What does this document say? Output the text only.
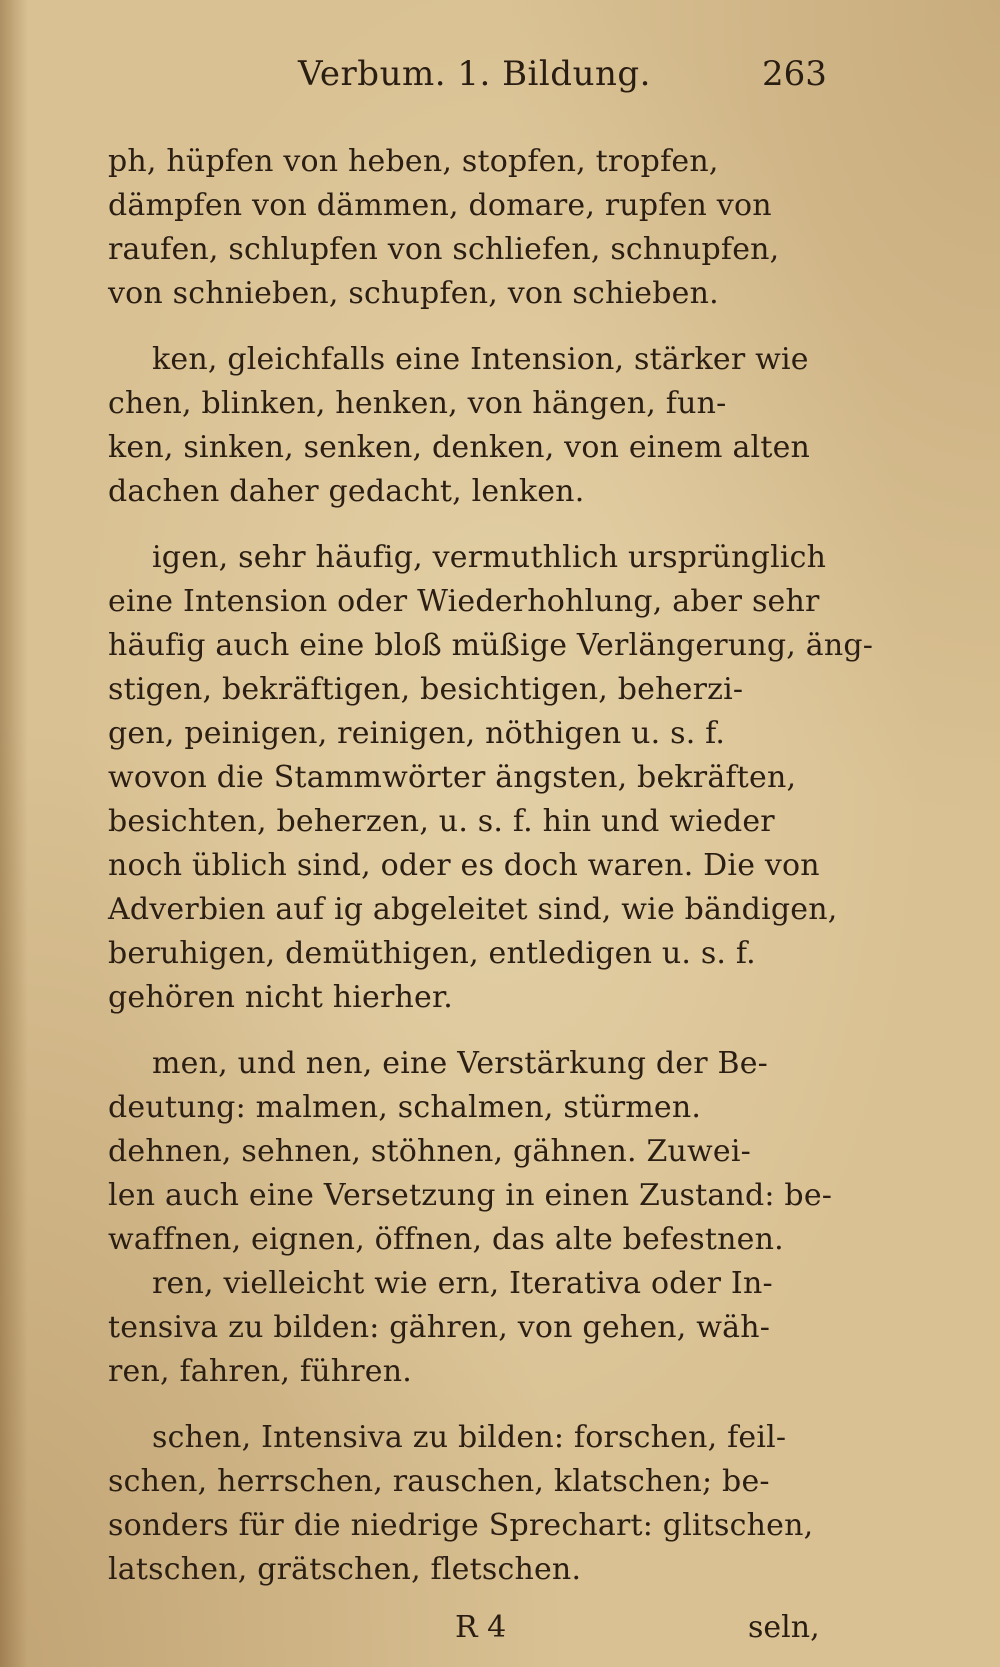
Verbum. 1. Bildung.	263
ph, hüpfen von heben, stopfen, tropfen,
dämpfen von dämmen, domare, rupfen von
raufen, schlupfen von schliefen, schnupfen,
von schnieben, schupfen, von schieben.
ken, gleichfalls eine Intension, stärker wie
chen, blinken, henken, von hängen, fun-
ken, sinken, senken, denken, von einem alten
dachen daher gedacht, lenken.
igen, sehr häufig, vermuthlich ursprünglich
eine Intension oder Wiederhohlung, aber sehr
häufig auch eine bloß müßige Verlängerung, äng-
stigen, bekräftigen, besichtigen, beherzi-
gen, peinigen, reinigen, nöthigen u. s. f.
wovon die Stammwörter ängsten, bekräften,
besichten, beherzen, u. s. f. hin und wieder
noch üblich sind, oder es doch waren. Die von
Adverbien auf ig abgeleitet sind, wie bändigen,
beruhigen, demüthigen, entledigen u. s. f.
gehören nicht hierher.
men, und nen, eine Verstärkung der Be-
deutung: malmen, schalmen, stürmen.
dehnen, sehnen, stöhnen, gähnen. Zuwei-
len auch eine Versetzung in einen Zustand: be-
waffnen, eignen, öffnen, das alte befestnen.
ren, vielleicht wie ern, Iterativa oder In-
tensiva zu bilden: gähren, von gehen, wäh-
ren, fahren, führen.
schen, Intensiva zu bilden: forschen, feil-
schen, herrschen, rauschen, klatschen; be-
sonders für die niedrige Sprechart: glitschen,
latschen, grätschen, fletschen.
R 4	seln,
